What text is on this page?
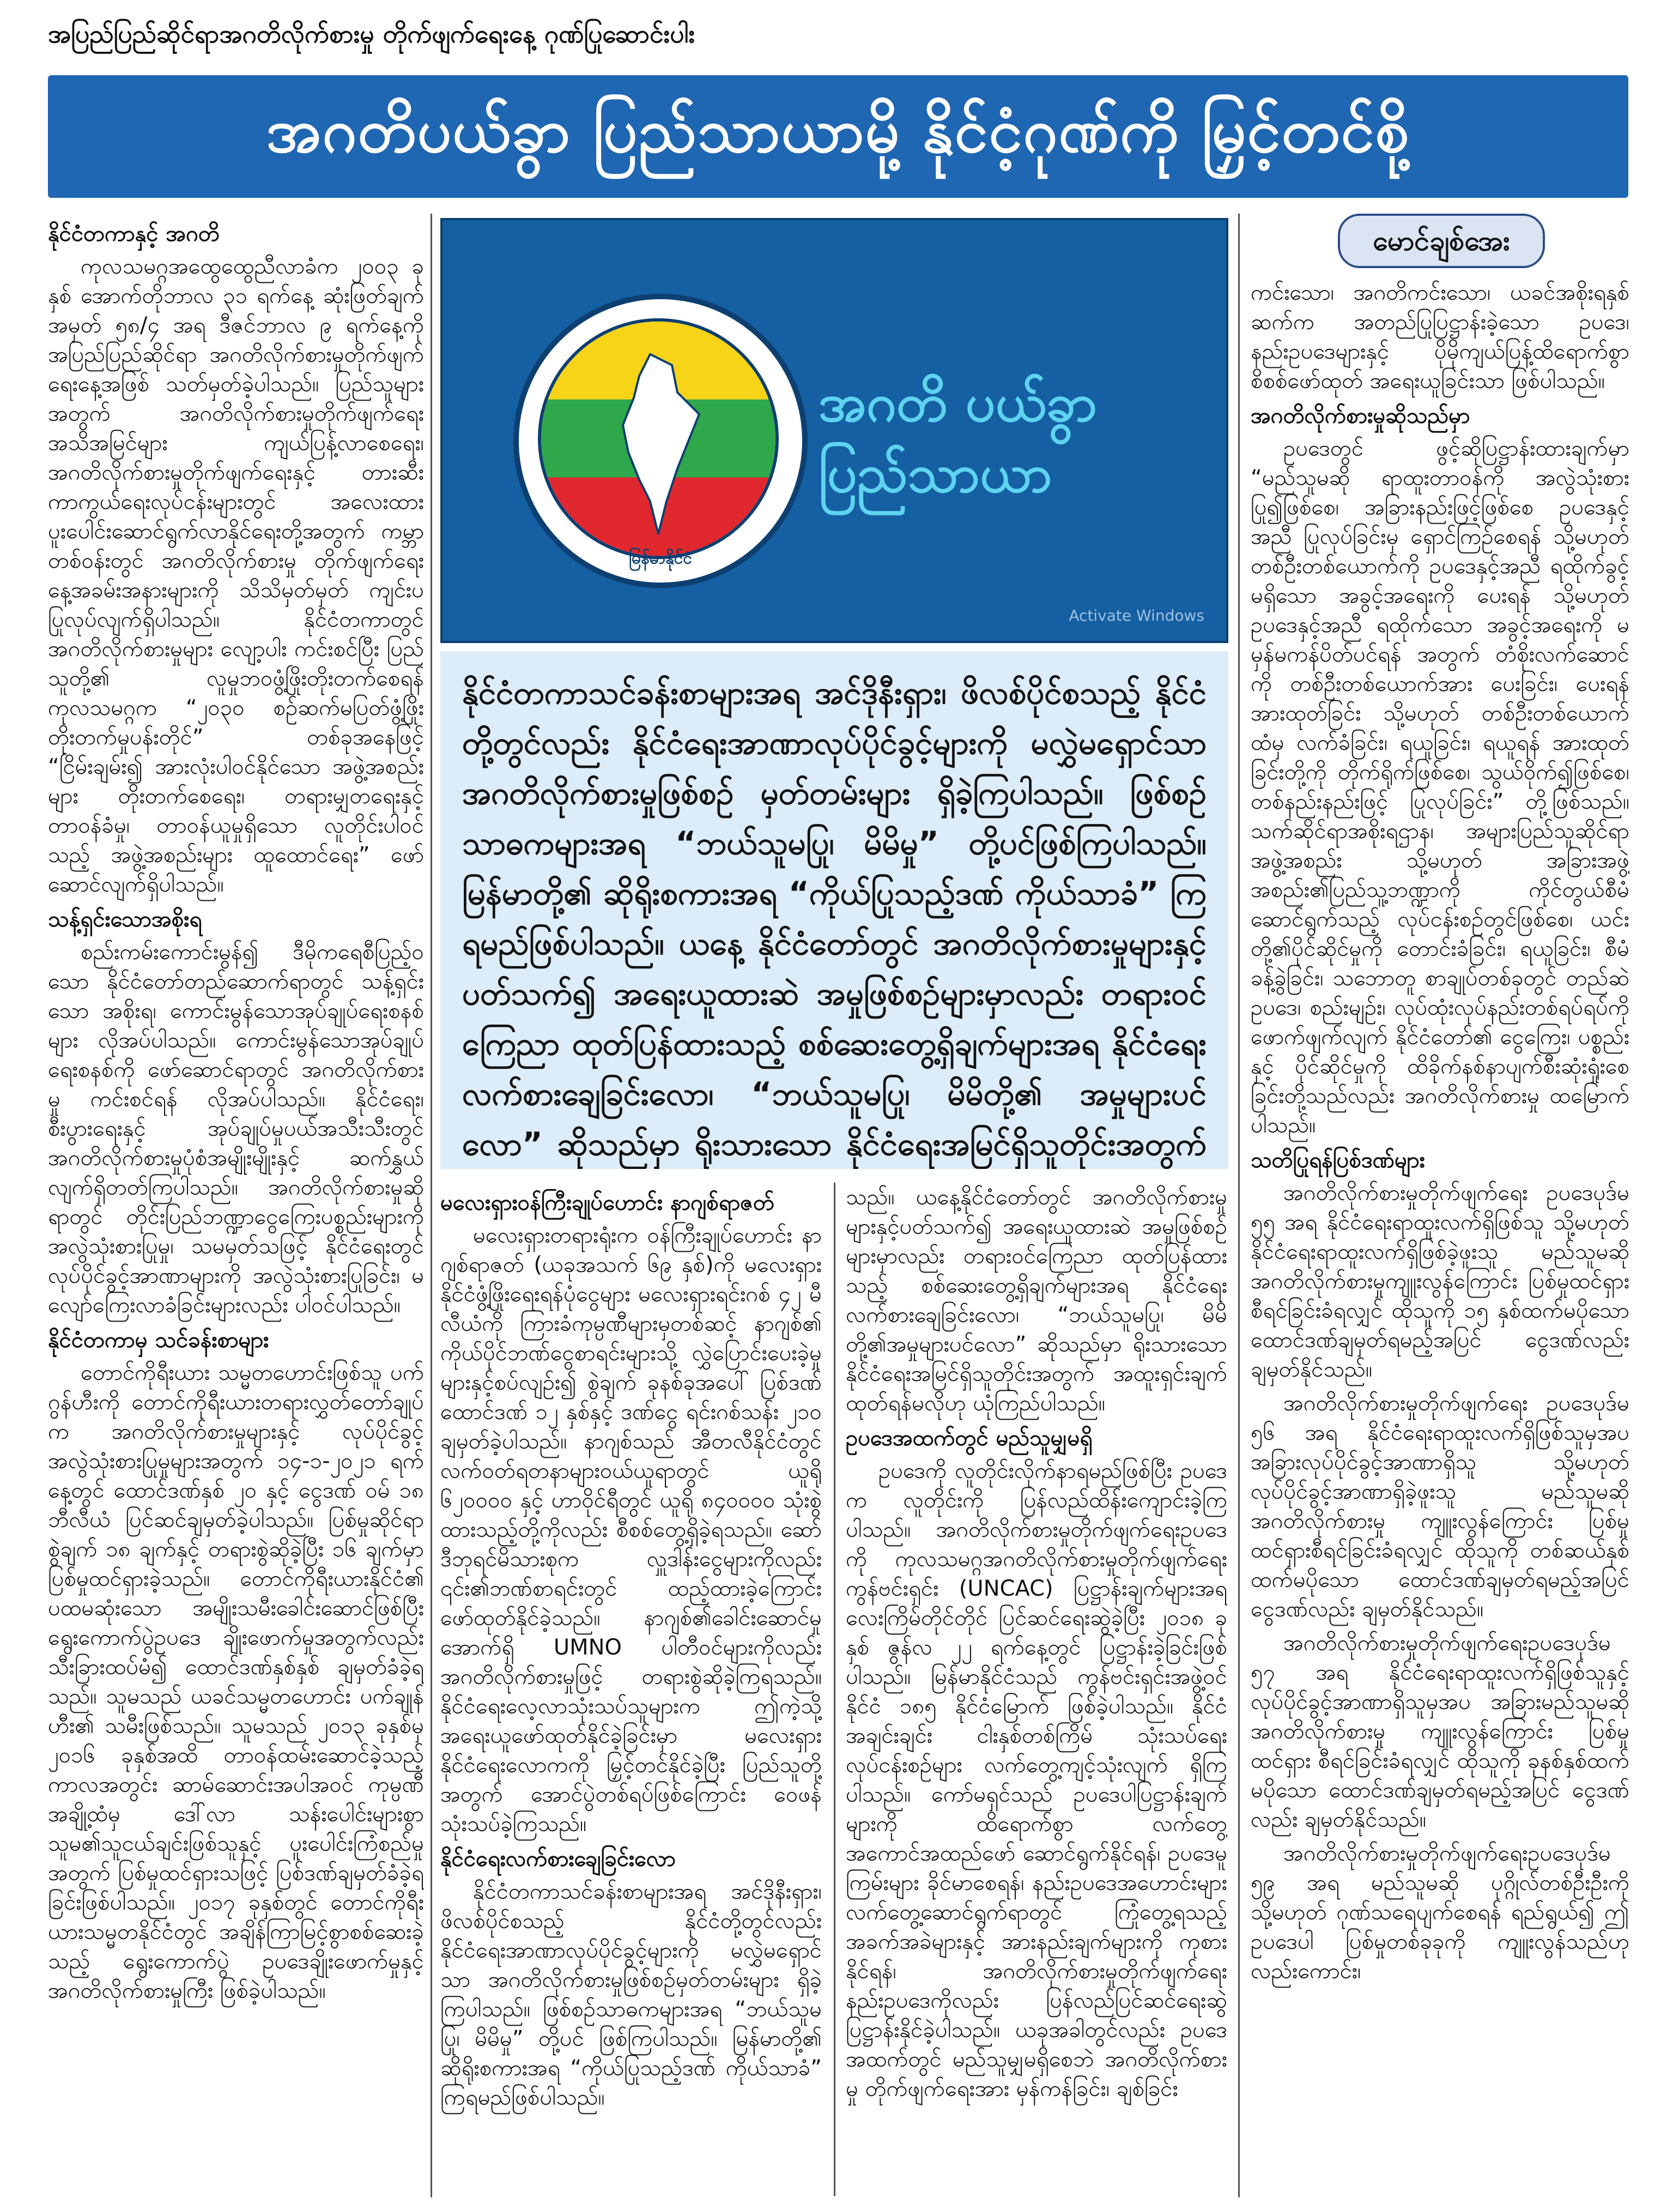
အပြည်ပြည်ဆိုင်ရာအဂတိလိုက်စားမှု တိုက်ဖျက်ရေးနေ့ ဂုဏ်ပြုဆောင်းပါး
အဂတိပယ်ခွာ ပြည်သာယာမို့ နိုင်ငံ့ဂုဏ်ကို မြှင့်တင်စို့

နိုင်ငံတကာနှင့် အဂတိ

ကုလသမဂ္ဂအထွေထွေညီလာခံက ၂၀၀၃ ခုနှစ် အောက်တိုဘာလ ၃၁ ရက်နေ့ ဆုံးဖြတ်ချက် အမှတ် ၅၈/၄ အရ ဒီဇင်ဘာလ ၉ ရက်နေ့ကို အပြည်ပြည်ဆိုင်ရာ အဂတိလိုက်စားမှုတိုက်ဖျက်ရေးနေ့အဖြစ် သတ်မှတ်ခဲ့ပါသည်။ ပြည်သူများအတွက် အဂတိလိုက်စားမှုတိုက်ဖျက်ရေး အသိအမြင်များ ကျယ်ပြန့်လာစေရေး၊ အဂတိလိုက်စားမှုတိုက်ဖျက်ရေးနှင့် တားဆီးကာကွယ်ရေးလုပ်ငန်းများတွင် အလေးထားပူးပေါင်းဆောင်ရွက်လာနိုင်ရေးတို့အတွက် ကမ္ဘာတစ်ဝန်းတွင် အဂတိလိုက်စားမှု တိုက်ဖျက်ရေးနေ့အခမ်းအနားများကို သိသိမှတ်မှတ် ကျင်းပပြုလုပ်လျက်ရှိပါသည်။ နိုင်ငံတကာတွင် အဂတိလိုက်စားမှုများ လျော့ပါး ကင်းစင်ပြီး ပြည်သူတို့၏ လူမှုဘဝဖွံ့ဖြိုးတိုးတက်စေရန် ကုလသမဂ္ဂက “၂၀၃၀ စဉ်ဆက်မပြတ်ဖွံ့ဖြိုးတိုးတက်မှုပန်းတိုင်” တစ်ခုအနေဖြင့် “ငြိမ်းချမ်း၍ အားလုံးပါဝင်နိုင်သော အဖွဲ့အစည်းများ တိုးတက်စေရေး၊ တရားမျှတရေးနှင့် တာဝန်ခံမှု၊ တာဝန်ယူမှုရှိသော လူတိုင်းပါဝင်သည့် အဖွဲ့အစည်းများ ထူထောင်ရေး” ဖော်ဆောင်လျက်ရှိပါသည်။

သန့်ရှင်းသောအစိုးရ

စည်းကမ်းကောင်းမွန်၍ ဒီမိုကရေစီပြည့်ဝသော နိုင်ငံတော်တည်ဆောက်ရာတွင် သန့်ရှင်းသော အစိုးရ၊ ကောင်းမွန်သောအုပ်ချုပ်ရေးစနစ်များ လိုအပ်ပါသည်။ ကောင်းမွန်သောအုပ်ချုပ်ရေးစနစ်ကို ဖော်ဆောင်ရာတွင် အဂတိလိုက်စားမှု ကင်းစင်ရန် လိုအပ်ပါသည်။ နိုင်ငံရေး၊ စီးပွားရေးနှင့် အုပ်ချုပ်မှုပယ်အသီးသီးတွင် အဂတိလိုက်စားမှုပုံစံအမျိုးမျိုးနှင့် ဆက်နွှယ်လျက်ရှိတတ်ကြပါသည်။ အဂတိလိုက်စားမှုဆိုရာတွင် တိုင်းပြည်ဘဏ္ဍာငွေကြေးပစ္စည်းများကို အလွဲသုံးစားပြုမှု၊ သမမှတ်သဖြင့် နိုင်ငံရေးတွင် လုပ်ပိုင်ခွင့်အာဏာများကို အလွဲသုံးစားပြုခြင်း၊ မလျော်ကြေးလာခံခြင်းများလည်း ပါဝင်ပါသည်။

နိုင်ငံတကာမှ သင်ခန်းစာများ

တောင်ကိုရီးယား သမ္မတဟောင်းဖြစ်သူ ပက်ဂွန်ဟီးကို တောင်ကိုရီးယားတရားလွှတ်တော်ချုပ်က အဂတိလိုက်စားမှုများနှင့် လုပ်ပိုင်ခွင့်အလွဲသုံးစားပြုမှုများအတွက် ၁၄-၁-၂၀၂၁ ရက်နေ့တွင် ထောင်ဒဏ်နှစ် ၂၀ နှင့် ငွေဒဏ် ဝမ် ၁၈ ဘီလီယံ ပြင်ဆင်ချမှတ်ခဲ့ပါသည်။ ပြစ်မှုဆိုင်ရာ စွဲချက် ၁၈ ချက်နှင့် တရားစွဲဆိုခဲ့ပြီး ၁၆ ချက်မှာ ပြစ်မှုထင်ရှားခဲ့သည်။ တောင်ကိုရီးယားနိုင်ငံ၏ ပထမဆုံးသော အမျိုးသမီးခေါင်းဆောင်ဖြစ်ပြီး ရွေးကောက်ပွဲဥပဒေ ချိုးဖောက်မှုအတွက်လည်း သီးခြားထပ်မံ၍ ထောင်ဒဏ်နှစ်နှစ် ချမှတ်ခံခဲ့ရသည်။ သူမသည် ယခင်သမ္မတဟောင်း ပက်ချုန်ဟီး၏ သမီးဖြစ်သည်။ သူမသည် ၂၀၁၃ ခုနှစ်မှ ၂၀၁၆ ခုနှစ်အထိ တာဝန်ထမ်းဆောင်ခဲ့သည့်ကာလအတွင်း ဆာမ်ဆောင်းအပါအဝင် ကုမ္ပဏီအချို့ထံမှ ဒေါ်လာ သန်းပေါင်းများစွာ သူမ၏သူငယ်ချင်းဖြစ်သူနှင့် ပူးပေါင်းကြံစည်မှုအတွက် ပြစ်မှုထင်ရှားသဖြင့် ပြစ်ဒဏ်ချမှတ်ခံခဲ့ရခြင်းဖြစ်ပါသည်။ ၂၀၁၇ ခုနှစ်တွင် တောင်ကိုရီးယားသမ္မတနိုင်ငံတွင် အချိန်ကြာမြင့်စွာစစ်ဆေးခဲ့သည့် ရွေးကောက်ပွဲ ဥပဒေချိုးဖောက်မှုနှင့် အဂတိလိုက်စားမှုကြီး ဖြစ်ခဲ့ပါသည်။

မြန်မာနိုင်ငံ
အဂတိ ပယ်ခွာ
ပြည်သာယာ
Activate Windows
နိုင်ငံတကာသင်ခန်းစာများအရ အင်ဒိုနီးရှား၊ ဖိလစ်ပိုင်စသည့် နိုင်ငံတို့တွင်လည်း နိုင်ငံရေးအာဏာလုပ်ပိုင်ခွင့်များကို မလွှဲမရှောင်သာ အဂတိလိုက်စားမှုဖြစ်စဉ် မှတ်တမ်းများ ရှိခဲ့ကြပါသည်။ ဖြစ်စဉ်သာဓကများအရ “ဘယ်သူမပြု၊ မိမိမှု” တို့ပင်ဖြစ်ကြပါသည်။ မြန်မာတို့၏ ဆိုရိုးစကားအရ “ကိုယ်ပြုသည့်ဒဏ် ကိုယ်သာခံ” ကြရမည်ဖြစ်ပါသည်။ ယနေ့ နိုင်ငံတော်တွင် အဂတိလိုက်စားမှုများနှင့်ပတ်သက်၍ အရေးယူထားဆဲ အမှုဖြစ်စဉ်များမှာလည်း တရားဝင်ကြေညာ ထုတ်ပြန်ထားသည့် စစ်ဆေးတွေ့ရှိချက်များအရ နိုင်ငံရေးလက်စားချေခြင်းလော၊ “ဘယ်သူမပြု၊ မိမိတို့၏ အမှုများပင်လော” ဆိုသည်မှာ ရိုးသားသော နိုင်ငံရေးအမြင်ရှိသူတိုင်းအတွက်

မလေးရှားဝန်ကြီးချုပ်ဟောင်း နာဂျစ်ရာဇတ်

မလေးရှားတရားရုံးက ဝန်ကြီးချုပ်ဟောင်း နာဂျစ်ရာဇတ် (ယခုအသက် ၆၉ နှစ်)ကို မလေးရှားနိုင်ငံဖွံ့ဖြိုးရေးရန်ပုံငွေများ မလေးရှားရင်းဂစ် ၄၂ မီလီယံကို ကြားခံကုမ္ပဏီများမှတစ်ဆင့် နာဂျစ်၏ ကိုယ်ပိုင်ဘဏ်ငွေစာရင်းများသို့ လွှဲပြောင်းပေးခဲ့မှုများနှင့်စပ်လျဉ်း၍ စွဲချက် ခုနစ်ခုအပေါ် ပြစ်ဒဏ် ထောင်ဒဏ် ၁၂ နှစ်နှင့် ဒဏ်ငွေ ရင်းဂစ်သန်း ၂၁၀ ချမှတ်ခဲ့ပါသည်။ နာဂျစ်သည် အီတလီနိုင်ငံတွင် လက်ဝတ်ရတနာများဝယ်ယူရာတွင် ယူရို ၆၂၀၀၀၀ နှင့် ဟာဝိုင်ရီတွင် ယူရို ၈၄၀၀၀၀ သုံးစွဲထားသည့်တို့ကိုလည်း စီစစ်တွေ့ရှိခဲ့ရသည်။ ဆော်ဒီဘုရင်မိသားစုက လှူဒါန်းငွေများကိုလည်း ၎င်း၏ဘဏ်စာရင်းတွင် ထည့်ထားခဲ့ကြောင်း ဖော်ထုတ်နိုင်ခဲ့သည်။ နာဂျစ်၏ခေါင်းဆောင်မှုအောက်ရှိ UMNO ပါတီဝင်များကိုလည်း အဂတိလိုက်စားမှုဖြင့် တရားစွဲဆိုခဲ့ကြရသည်။ နိုင်ငံရေးလေ့လာသုံးသပ်သူများက ဤကဲ့သို့အရေးယူဖော်ထုတ်နိုင်ခဲ့ခြင်းမှာ မလေးရှားနိုင်ငံရေးလောကကို မြှင့်တင်နိုင်ခဲ့ပြီး ပြည်သူတို့အတွက် အောင်ပွဲတစ်ရပ်ဖြစ်ကြောင်း ဝေဖန်သုံးသပ်ခဲ့ကြသည်။

နိုင်ငံရေးလက်စားချေခြင်းလော

နိုင်ငံတကာသင်ခန်းစာများအရ အင်ဒိုနီးရှား၊ ဖိလစ်ပိုင်စသည့် နိုင်ငံတို့တွင်လည်း နိုင်ငံရေးအာဏာလုပ်ပိုင်ခွင့်များကို မလွှဲမရှောင်သာ အဂတိလိုက်စားမှုဖြစ်စဉ်မှတ်တမ်းများ ရှိခဲ့ကြပါသည်။ ဖြစ်စဉ်သာဓကများအရ “ဘယ်သူမပြု၊ မိမိမှု” တို့ပင် ဖြစ်ကြပါသည်။ မြန်မာတို့၏ ဆိုရိုးစကားအရ “ကိုယ်ပြုသည့်ဒဏ် ကိုယ်သာခံ” ကြရမည်ဖြစ်ပါသည်။

သည်။ ယနေ့နိုင်ငံတော်တွင် အဂတိလိုက်စားမှုများနှင့်ပတ်သက်၍ အရေးယူထားဆဲ အမှုဖြစ်စဉ်များမှာလည်း တရားဝင်ကြေညာ ထုတ်ပြန်ထားသည့် စစ်ဆေးတွေ့ရှိချက်များအရ နိုင်ငံရေးလက်စားချေခြင်းလော၊ “ဘယ်သူမပြု၊ မိမိတို့၏အမှုများပင်လော” ဆိုသည်မှာ ရိုးသားသော နိုင်ငံရေးအမြင်ရှိသူတိုင်းအတွက် အထူးရှင်းချက်ထုတ်ရန်မလိုဟု ယုံကြည်ပါသည်။

ဥပဒေအထက်တွင် မည်သူမျှမရှိ

ဥပဒေကို လူတိုင်းလိုက်နာရမည်ဖြစ်ပြီး ဥပဒေက လူတိုင်းကို ပြန်လည်ထိန်းကျောင်းခဲ့ကြပါသည်။ အဂတိလိုက်စားမှုတိုက်ဖျက်ရေးဥပဒေကို ကုလသမဂ္ဂအဂတိလိုက်စားမှုတိုက်ဖျက်ရေးကွန်ဗင်းရှင်း (UNCAC) ပြဋ္ဌာန်းချက်များအရ လေးကြိမ်တိုင်တိုင် ပြင်ဆင်ရေးဆွဲခဲ့ပြီး ၂၀၁၈ ခုနှစ် ဇွန်လ ၂၂ ရက်နေ့တွင် ပြဋ္ဌာန်းခဲ့ခြင်းဖြစ်ပါသည်။ မြန်မာနိုင်ငံသည် ကွန်ဗင်းရှင်းအဖွဲ့ဝင် နိုင်ငံ ၁၈၅ နိုင်ငံမြောက် ဖြစ်ခဲ့ပါသည်။ နိုင်ငံအချင်းချင်း ငါးနှစ်တစ်ကြိမ် သုံးသပ်ရေးလုပ်ငန်းစဉ်များ လက်တွေ့ကျင့်သုံးလျက် ရှိကြပါသည်။ ကော်မရှင်သည် ဥပဒေပါပြဋ္ဌာန်းချက်များကို ထိရောက်စွာ လက်တွေ့အကောင်အထည်ဖော် ဆောင်ရွက်နိုင်ရန်၊ ဥပဒေမူကြမ်းများ ခိုင်မာစေရန်၊ နည်းဥပဒေအဟောင်းများ လက်တွေ့ဆောင်ရွက်ရာတွင် ကြုံတွေ့ရသည့် အခက်အခဲများနှင့် အားနည်းချက်များကို ကုစားနိုင်ရန်၊ အဂတိလိုက်စားမှုတိုက်ဖျက်ရေးနည်းဥပဒေကိုလည်း ပြန်လည်ပြင်ဆင်ရေးဆွဲ ပြဋ္ဌာန်းနိုင်ခဲ့ပါသည်။ ယခုအခါတွင်လည်း ဥပဒေအထက်တွင် မည်သူမျှမရှိစေဘဲ အဂတိလိုက်စားမှု တိုက်ဖျက်ရေးအား မှန်ကန်ခြင်း၊ ချစ်ခြင်း

မောင်ချစ်အေး

ကင်းသော၊ အဂတိကင်းသော၊ ယခင်အစိုးရနှစ်ဆက်က အတည်ပြုပြဋ္ဌာန်းခဲ့သော ဥပဒေ၊ နည်းဥပဒေများနှင့် ပိုမိုကျယ်ပြန့်ထိရောက်စွာ စိစစ်ဖော်ထုတ် အရေးယူခြင်းသာ ဖြစ်ပါသည်။

အဂတိလိုက်စားမှုဆိုသည်မှာ

ဥပဒေတွင် ဖွင့်ဆိုပြဋ္ဌာန်းထားချက်မှာ “မည်သူမဆို ရာထူးတာဝန်ကို အလွဲသုံးစားပြု၍ဖြစ်စေ၊ အခြားနည်းဖြင့်ဖြစ်စေ ဥပဒေနှင့်အညီ ပြုလုပ်ခြင်းမှ ရှောင်ကြဉ်စေရန် သို့မဟုတ် တစ်ဦးတစ်ယောက်ကို ဥပဒေနှင့်အညီ ရထိုက်ခွင့်မရှိသော အခွင့်အရေးကို ပေးရန် သို့မဟုတ် ဥပဒေနှင့်အညီ ရထိုက်သော အခွင့်အရေးကို မမှန်မကန်ပိတ်ပင်ရန် အတွက် တံစိုးလက်ဆောင်ကို တစ်ဦးတစ်ယောက်အား ပေးခြင်း၊ ပေးရန်အားထုတ်ခြင်း သို့မဟုတ် တစ်ဦးတစ်ယောက်ထံမှ လက်ခံခြင်း၊ ရယူခြင်း၊ ရယူရန် အားထုတ်ခြင်းတို့ကို တိုက်ရိုက်ဖြစ်စေ၊ သွယ်ဝိုက်၍ဖြစ်စေ၊ တစ်နည်းနည်းဖြင့် ပြုလုပ်ခြင်း” တို့ဖြစ်သည်။ သက်ဆိုင်ရာအစိုးရဌာန၊ အများပြည်သူဆိုင်ရာ အဖွဲ့အစည်း သို့မဟုတ် အခြားအဖွဲ့အစည်း၏ပြည်သူ့ဘဏ္ဍာကို ကိုင်တွယ်စီမံဆောင်ရွက်သည့် လုပ်ငန်းစဉ်တွင်ဖြစ်စေ၊ ယင်းတို့၏ပိုင်ဆိုင်မှုကို တောင်းခံခြင်း၊ ရယူခြင်း၊ စီမံခန့်ခွဲခြင်း၊ သဘောတူ စာချုပ်တစ်ခုတွင် တည်ဆဲဥပဒေ၊ စည်းမျဉ်း၊ လုပ်ထုံးလုပ်နည်းတစ်ရပ်ရပ်ကို ဖောက်ဖျက်လျက် နိုင်ငံတော်၏ ငွေကြေး၊ ပစ္စည်းနှင့် ပိုင်ဆိုင်မှုကို ထိခိုက်နစ်နာပျက်စီးဆုံးရှုံးစေခြင်းတို့သည်လည်း အဂတိလိုက်စားမှု ထမြောက်ပါသည်။

သတိပြုရန်ပြစ်ဒဏ်များ

အဂတိလိုက်စားမှုတိုက်ဖျက်ရေး ဥပဒေပုဒ်မ ၅၅ အရ နိုင်ငံရေးရာထူးလက်ရှိဖြစ်သူ သို့မဟုတ် နိုင်ငံရေးရာထူးလက်ရှိဖြစ်ခဲ့ဖူးသူ မည်သူမဆို အဂတိလိုက်စားမှုကျူးလွန်ကြောင်း ပြစ်မှုထင်ရှား စီရင်ခြင်းခံရလျှင် ထိုသူကို ၁၅ နှစ်ထက်မပိုသော ထောင်ဒဏ်ချမှတ်ရမည့်အပြင် ငွေဒဏ်လည်း ချမှတ်နိုင်သည်။

အဂတိလိုက်စားမှုတိုက်ဖျက်ရေး ဥပဒေပုဒ်မ ၅၆ အရ နိုင်ငံရေးရာထူးလက်ရှိဖြစ်သူမှအပ အခြားလုပ်ပိုင်ခွင့်အာဏာရှိသူ သို့မဟုတ် လုပ်ပိုင်ခွင့်အာဏာရှိခဲ့ဖူးသူ မည်သူမဆို အဂတိလိုက်စားမှု ကျူးလွန်ကြောင်း ပြစ်မှုထင်ရှားစီရင်ခြင်းခံရလျှင် ထိုသူကို တစ်ဆယ်နှစ်ထက်မပိုသော ထောင်ဒဏ်ချမှတ်ရမည့်အပြင် ငွေဒဏ်လည်း ချမှတ်နိုင်သည်။

အဂတိလိုက်စားမှုတိုက်ဖျက်ရေးဥပဒေပုဒ်မ ၅၇ အရ နိုင်ငံရေးရာထူးလက်ရှိဖြစ်သူနှင့် လုပ်ပိုင်ခွင့်အာဏာရှိသူမှအပ အခြားမည်သူမဆို အဂတိလိုက်စားမှု ကျူးလွန်ကြောင်း ပြစ်မှုထင်ရှား စီရင်ခြင်းခံရလျှင် ထိုသူကို ခုနစ်နှစ်ထက်မပိုသော ထောင်ဒဏ်ချမှတ်ရမည့်အပြင် ငွေဒဏ်လည်း ချမှတ်နိုင်သည်။

အဂတိလိုက်စားမှုတိုက်ဖျက်ရေးဥပဒေပုဒ်မ ၅၉ အရ မည်သူမဆို ပုဂ္ဂိုလ်တစ်ဦးဦးကို သို့မဟုတ် ဂုဏ်သရေပျက်စေရန် ရည်ရွယ်၍ ဤဥပဒေပါ ပြစ်မှုတစ်ခုခုကို ကျူးလွန်သည်ဟုလည်းကောင်း၊
